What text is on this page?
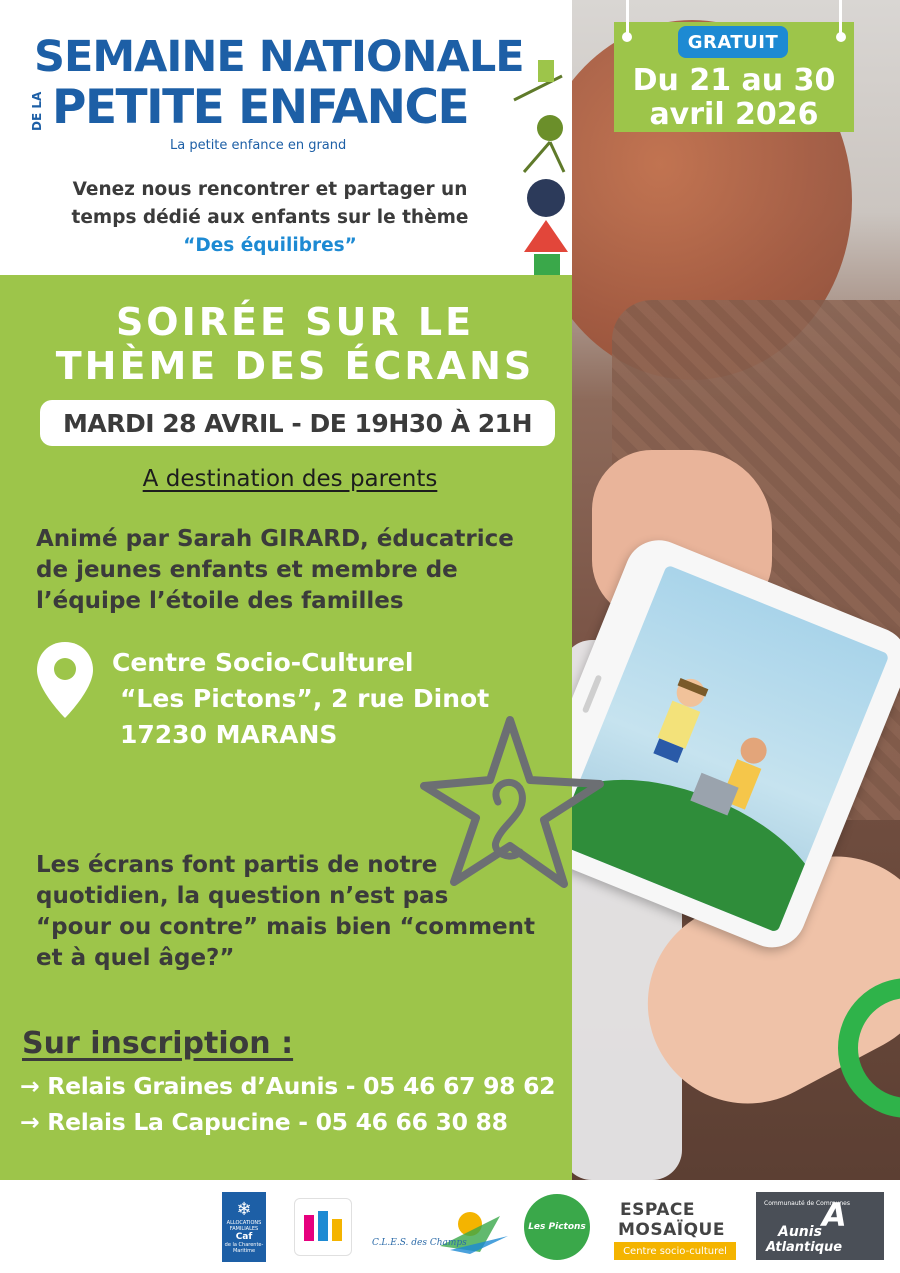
GRATUIT
Du 21 au 30
avril 2026
SEMAINE NATIONALE
DE LA PETITE ENFANCE
La petite enfance en grand
Venez nous rencontrer et partager un
temps dédié aux enfants sur le thème
“Des équilibres”
SOIRÉE SUR LE
THÈME DES ÉCRANS
MARDI 28 AVRIL - DE 19H30 À 21H
A destination des parents
Animé par Sarah GIRARD, éducatrice
de jeunes enfants et membre de
l’équipe l’étoile des familles
Centre Socio-Culturel
“Les Pictons”, 2 rue Dinot
17230 MARANS
Les écrans font partis de notre
quotidien, la question n’est pas
“pour ou contre” mais bien “comment
et à quel âge?”
Sur inscription :
→ Relais Graines d’Aunis - 05 46 67 98 62
→ Relais La Capucine - 05 46 66 30 88
❄
ALLOCATIONS FAMILIALES
Caf
de la Charente-Maritime
C.L.E.S. des Champs
Les Pictons
ESPACE
MOSAÏQUE
Centre socio-culturel
Communauté de Communes
A
Aunis
Atlantique
